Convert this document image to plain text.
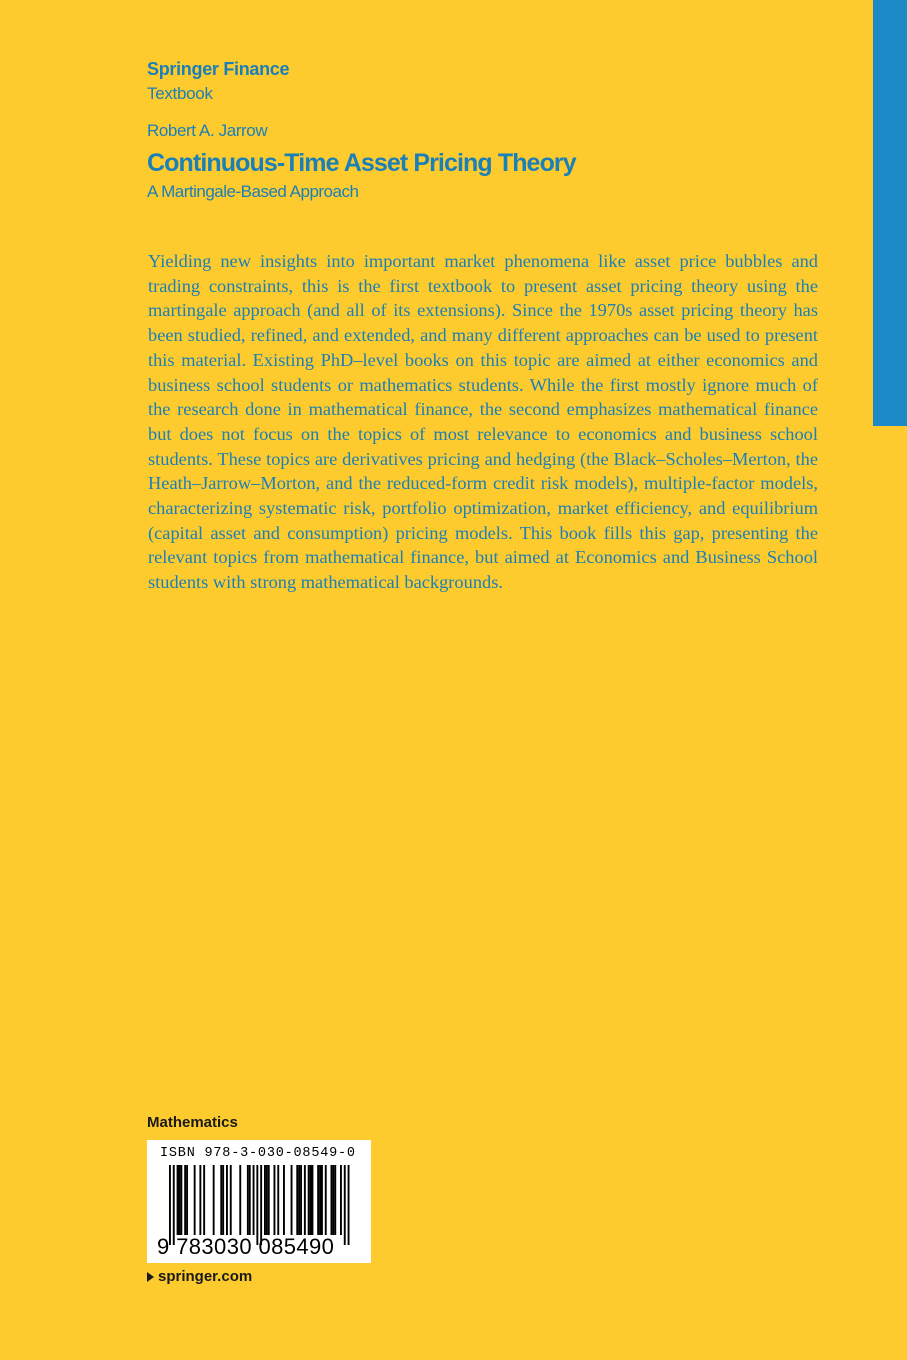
Springer Finance
Textbook
Robert A. Jarrow
Continuous-Time Asset Pricing Theory
A Martingale-Based Approach

Yielding new insights into important market phenomena like asset price bubbles and trading constraints, this is the first textbook to present asset pricing theory using the martingale approach (and all of its extensions). Since the 1970s asset pricing theory has been studied, refined, and extended, and many different approaches can be used to present this material. Existing PhD–level books on this topic are aimed at either economics and business school students or mathematics students. While the first mostly ignore much of the research done in mathematical finance, the second emphasizes mathematical finance but does not focus on the topics of most relevance to economics and business school students. These topics are derivatives pricing and hedging (the Black–Scholes–Merton, the Heath–Jarrow–Morton, and the reduced-form credit risk models), multiple-factor models, characterizing systematic risk, portfolio optimization, market efficiency, and equilibrium (capital asset and consumption) pricing models. This book fills this gap, presenting the relevant topics from mathematical finance, but aimed at Economics and Business School students with strong mathematical backgrounds.

Mathematics
ISBN 978-3-030-08549-0
9 783030 085490
springer.com
